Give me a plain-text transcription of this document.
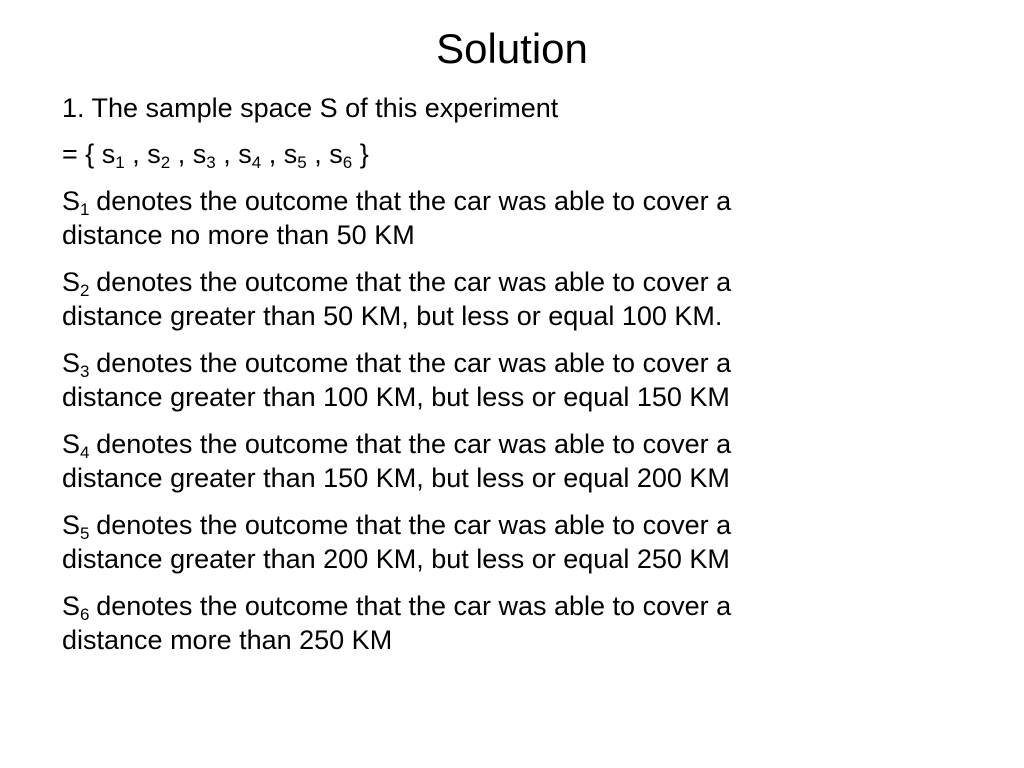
Solution
1. The sample space S of this experiment
= { $s_1$ , $s_2$ , $s_3$ , $s_4$ , $s_5$ , $s_6$ }
$S_1$ denotes the outcome that the car was able to cover a
distance no more than 50 KM
$S_2$ denotes the outcome that the car was able to cover a
distance greater than 50 KM, but less or equal 100 KM.
$S_3$ denotes the outcome that the car was able to cover a
distance greater than 100 KM, but less or equal 150 KM
$S_4$ denotes the outcome that the car was able to cover a
distance greater than 150 KM, but less or equal 200 KM
$S_5$ denotes the outcome that the car was able to cover a
distance greater than 200 KM, but less or equal 250 KM
$S_6$ denotes the outcome that the car was able to cover a
distance more than 250 KM
